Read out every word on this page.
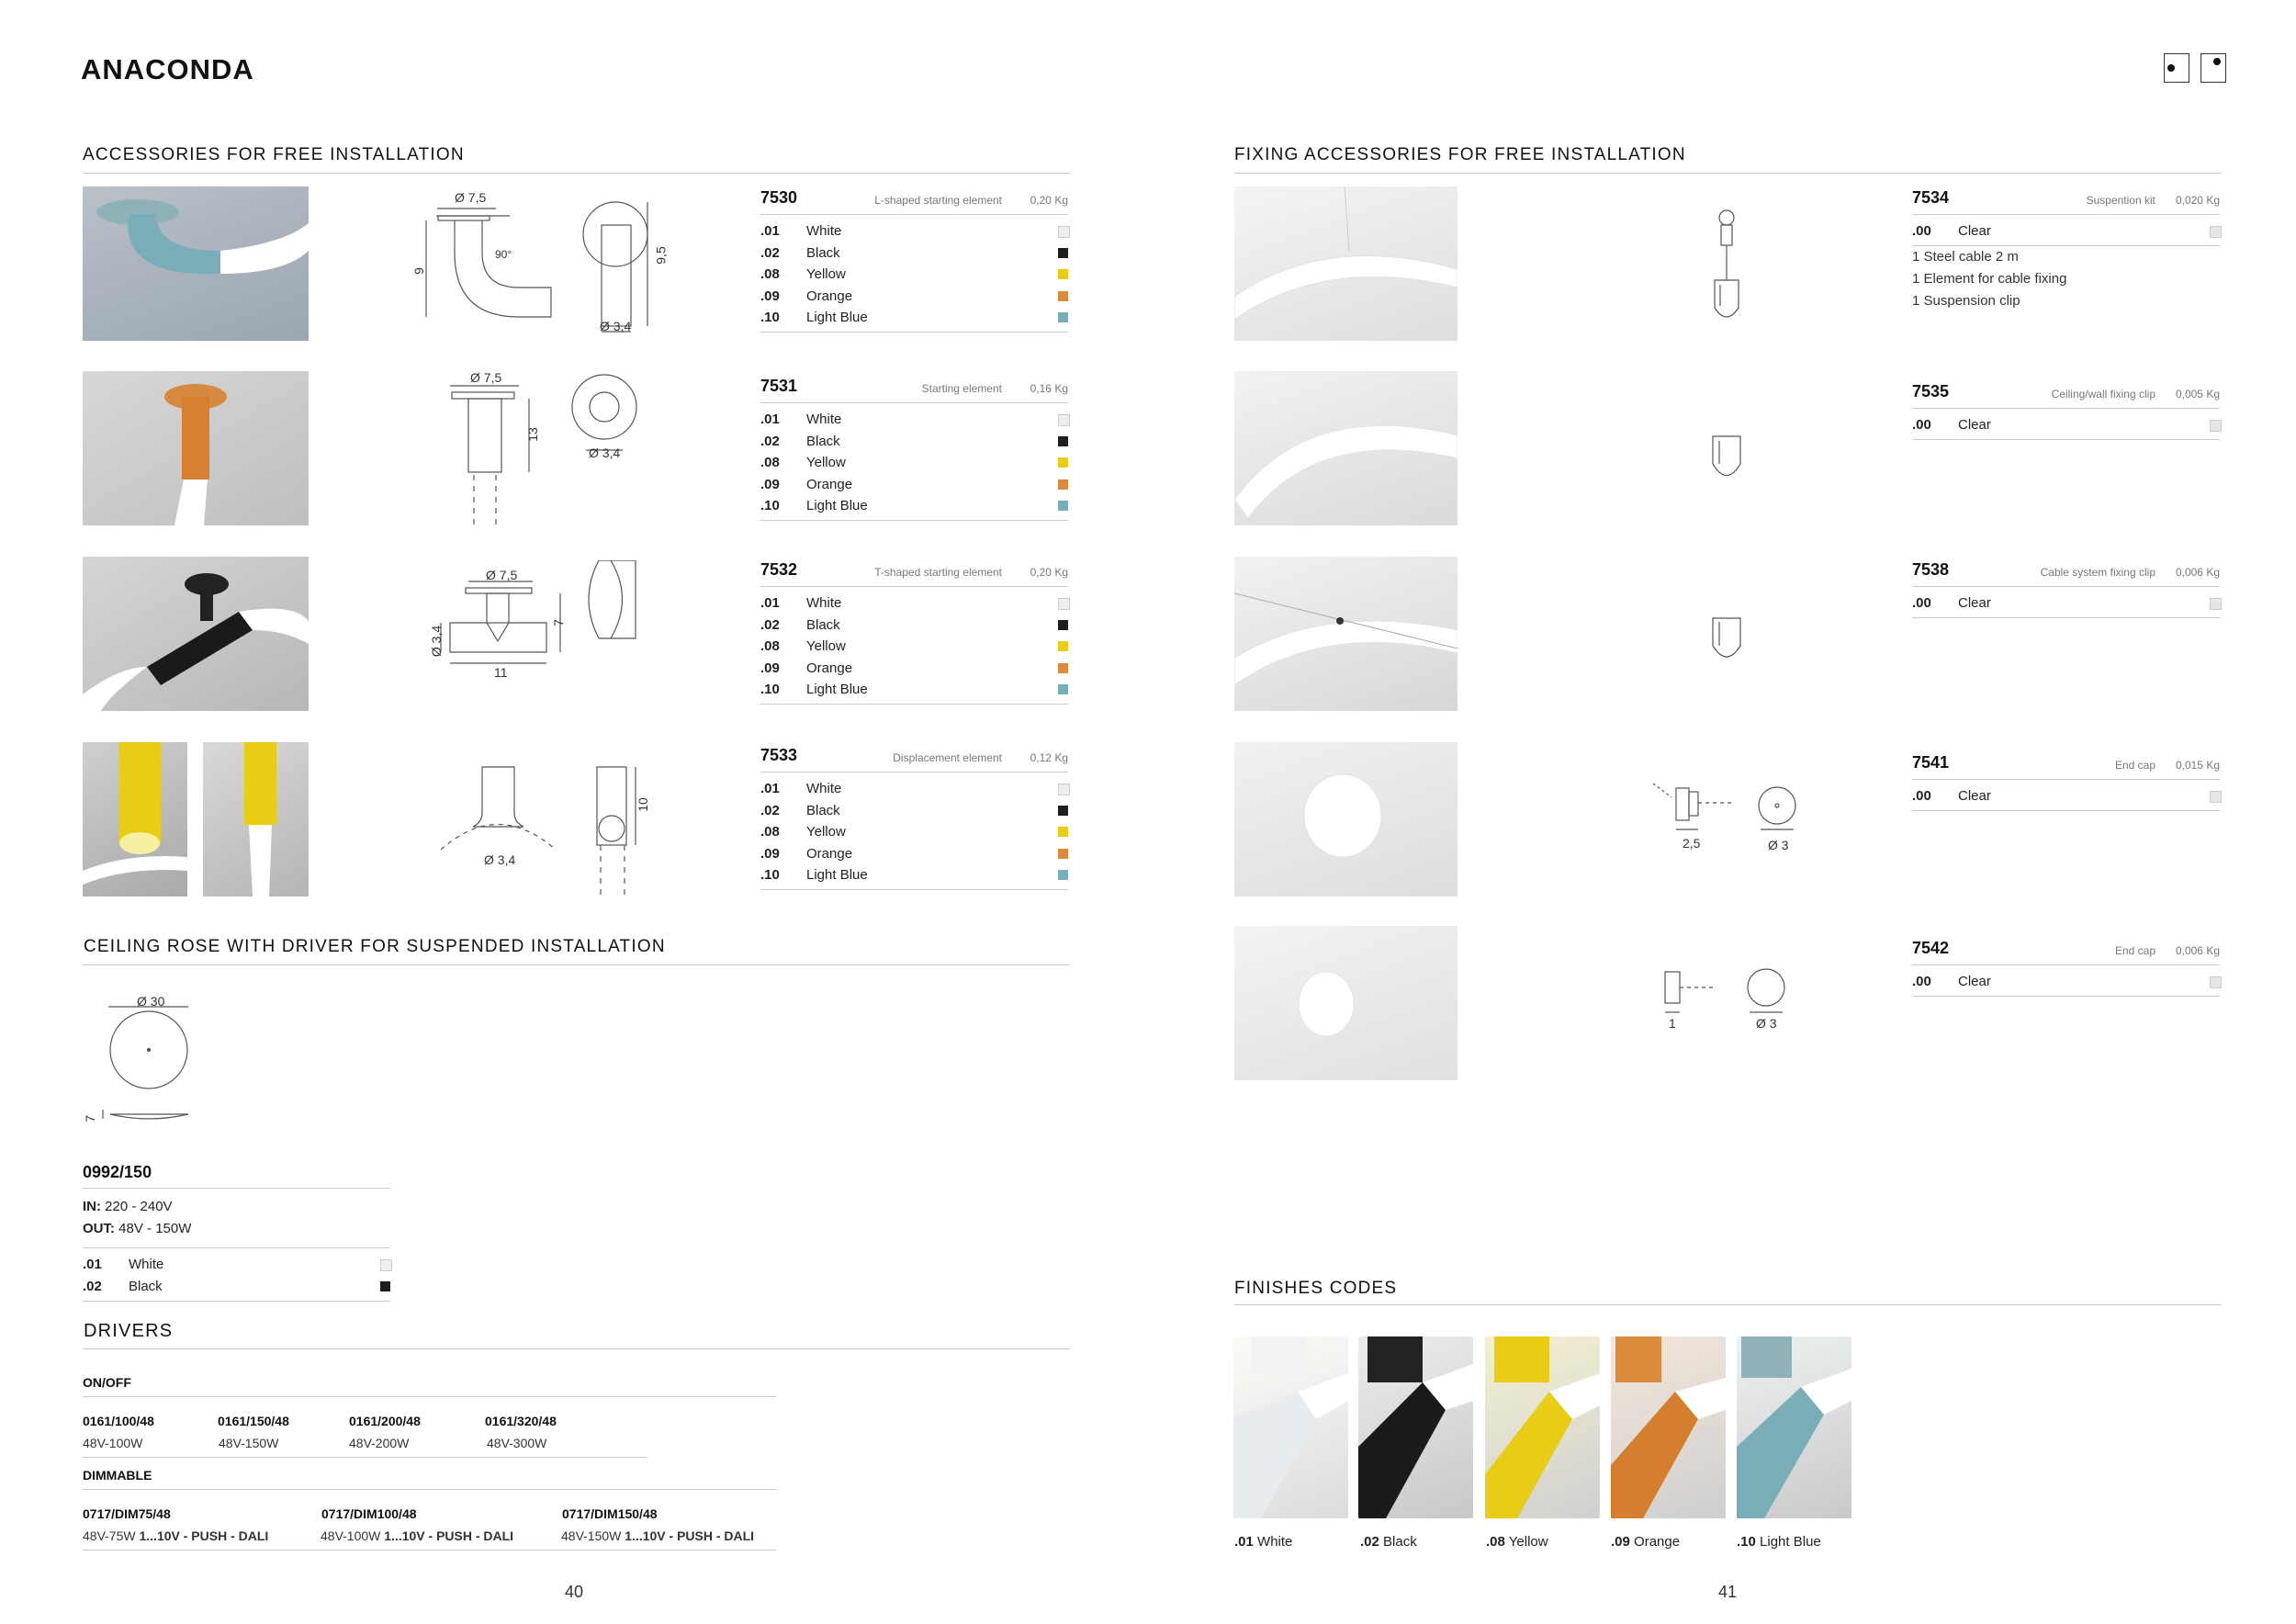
ANACONDA
ACCESSORIES FOR FREE INSTALLATION
Ø 7,5
90°
9
9,5
Ø 3,4
Ø 7,5
13
Ø 3,4
Ø 7,5
Ø 3,4
7
11
Ø 3,4
10
7530	L-shaped starting element	0,20 Kg
.01 White
.02 Black
.08 Yellow
.09 Orange
.10 Light Blue
7531	Starting element	0,16 Kg
.01 White
.02 Black
.08 Yellow
.09 Orange
.10 Light Blue
7532	T-shaped starting element	0,20 Kg
.01 White
.02 Black
.08 Yellow
.09 Orange
.10 Light Blue
7533	Displacement element	0,12 Kg
.01 White
.02 Black
.08 Yellow
.09 Orange
.10 Light Blue
CEILING ROSE WITH DRIVER FOR SUSPENDED INSTALLATION
Ø 30
7
0992/150
IN: 220 - 240V
OUT: 48V - 150W
.01 White
.02 Black
DRIVERS
ON/OFF
0161/100/48
48V-100W
0161/150/48
48V-150W
0161/200/48
48V-200W
0161/320/48
48V-300W
DIMMABLE
0717/DIM75/48
48V-75W 1...10V - PUSH - DALI
0717/DIM100/48
48V-100W 1...10V - PUSH - DALI
0717/DIM150/48
48V-150W 1...10V - PUSH - DALI
40
FIXING ACCESSORIES FOR FREE INSTALLATION
2,5	Ø 3
1	Ø 3
7534	Suspention kit 0,020 Kg
.00 Clear
1 Steel cable 2 m
1 Element for cable fixing
1 Suspension clip
7535	Ceiling/wall fixing clip 0,005 Kg
.00 Clear
7538	Cable system fixing clip 0,006 Kg
.00 Clear
7541	End cap 0,015 Kg
.00 Clear
7542	End cap 0,006 Kg
.00 Clear
FINISHES CODES
.01 White	.02 Black	.08 Yellow	.09 Orange	.10 Light Blue
41
